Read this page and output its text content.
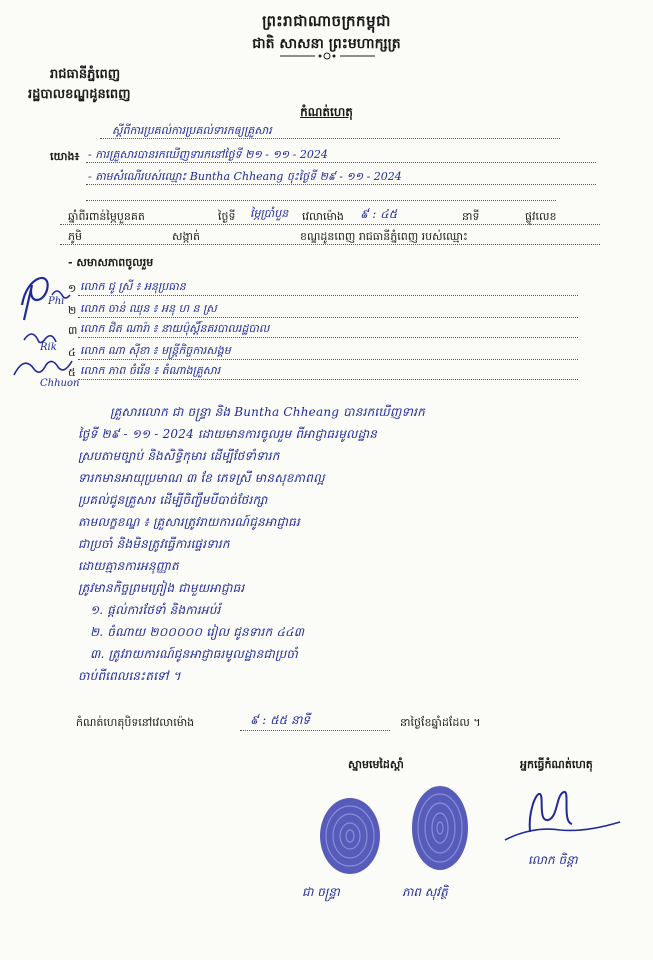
ព្រះរាជាណាចក្រកម្ពុជា
ជាតិ សាសនា ព្រះមហាក្សត្រ
រាជធានីភ្នំពេញ
រដ្ឋបាលខណ្ឌដូនពេញ
កំណត់ហេតុ
ស្តីពីការប្រគល់ការប្រគល់ទារកឲ្យគ្រួសារ
យោង៖ - ការគ្រួសារបានរកឃើញទារកនៅថ្ងៃទី ២១ - ១១ - 2024
- តាមសំណើរបស់ឈ្មោះ Buntha Chheang ចុះថ្ងៃទី ២៩ - ១១ - 2024
ឆ្នាំពីរពាន់ម្ភៃបួនគត	ថ្ងៃទី ម្ភៃប្រាំបួន វេលាម៉ោង ៩ : ៤៥	នាទី	ផ្លូវលេខ
ភូមិ	សង្កាត់	ខណ្ឌដូនពេញ រាជធានីភ្នំពេញ របស់ឈ្មោះ
- សមាសភាពចូលរួម
១ លោក ជូ ស្រី ៖ អនុប្រធាន
២ លោក ចាន់ ឈុន ៖ អនុ ហ ន ស្រ
៣ លោក ជិត ណារ៉ា ៖ នាយប៉ុស្តិ៍នគរបាលរដ្ឋបាល
៤ លោក ណា ស៊ីខា ៖ មន្ត្រីកិច្ចការសង្គម
៥ លោក ភាព ចំរើន ៖ តំណាងគ្រួសារ
Phi
Rik
Chhuon
គ្រួសារលោក ជា ចន្ទ្រា និង Buntha Chheang បានរកឃើញទារក
ថ្ងៃទី ២៩ - ១១ - 2024 ដោយមានការចូលរួម ពីអាជ្ញាធរមូលដ្ឋាន
ស្របតាមច្បាប់ និងសិទ្ធិកុមារ ដើម្បីថែទាំទារក
ទារកមានអាយុប្រមាណ ៣ ខែ ភេទស្រី មានសុខភាពល្អ
ប្រគល់ជូនគ្រួសារ ដើម្បីចិញ្ចឹមបីបាច់ថែរក្សា
តាមលក្ខខណ្ឌ ៖ គ្រួសារត្រូវរាយការណ៍ជូនអាជ្ញាធរ
ជាប្រចាំ និងមិនត្រូវធ្វើការផ្ទេរទារក
ដោយគ្មានការអនុញ្ញាត
ត្រូវមានកិច្ចព្រមព្រៀង ជាមួយអាជ្ញាធរ
១. ផ្តល់ការថែទាំ និងការអប់រំ
២. ចំណាយ ២០០០០០ រៀល ជូនទារក ៤៤៣
៣. ត្រូវរាយការណ៍ជូនអាជ្ញាធរមូលដ្ឋានជាប្រចាំ
ចាប់ពីពេលនេះតទៅ ។
កំណត់ហេតុបិទនៅវេលាម៉ោង	៩ : ៥៥ នាទី	នាថ្ងៃខែឆ្នាំដដែល ។
ស្នាមមេដៃស្តាំ	អ្នកធ្វើកំណត់ហេតុ
ជា ចន្ទ្រា	ភាព សុវត្ថិ
លោក ចិន្តា
